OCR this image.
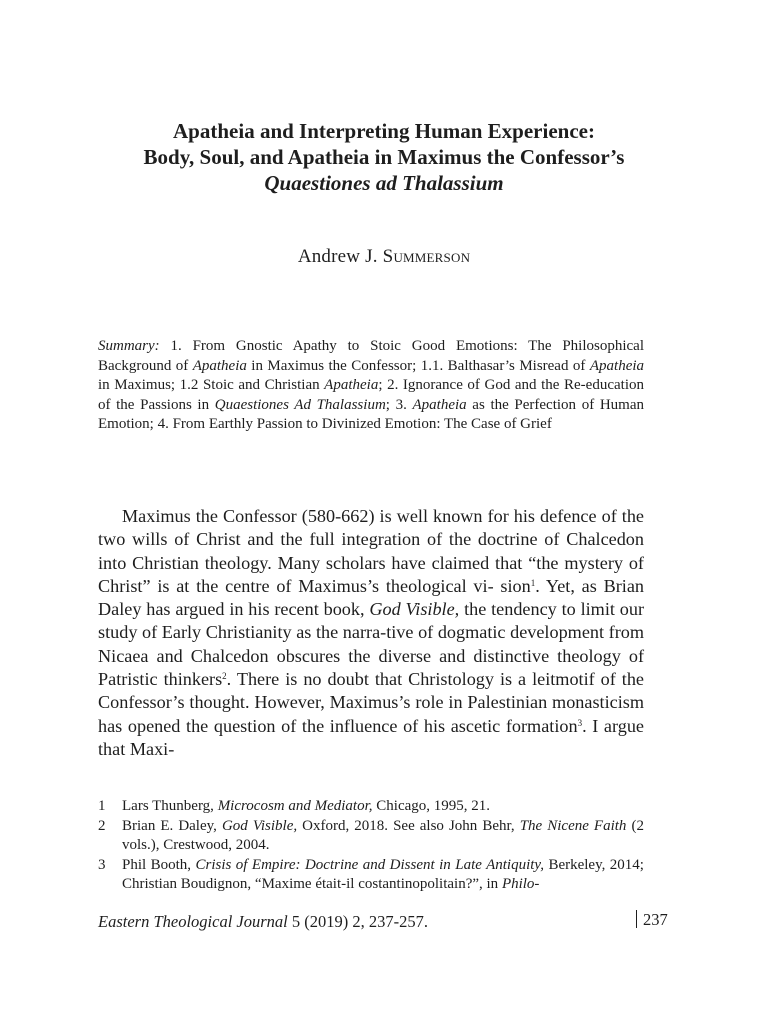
Apatheia and Interpreting Human Experience:
Body, Soul, and Apatheia in Maximus the Confessor’s
Quaestiones ad Thalassium
Andrew J. Summerson
Summary: 1. From Gnostic Apathy to Stoic Good Emotions: The Philosophical Background of Apatheia in Maximus the Confessor; 1.1. Balthasar’s Misread of Apatheia in Maximus; 1.2 Stoic and Christian Apatheia; 2. Ignorance of God and the Re-education of the Passions in Quaestiones Ad Thalassium; 3. Apatheia as the Perfection of Human Emotion; 4. From Earthly Passion to Divinized Emotion: The Case of Grief
Maximus the Confessor (580-662) is well known for his defence of the two wills of Christ and the full integration of the doctrine of Chalcedon into Christian theology. Many scholars have claimed that “the mystery of Christ” is at the centre of Maximus’s theological vi- sion$^1$. Yet, as Brian Daley has argued in his recent book, God Visible, the tendency to limit our study of Early Christianity as the narra-tive of dogmatic development from Nicaea and Chalcedon obscures the diverse and distinctive theology of Patristic thinkers$^2$. There is no doubt that Christology is a leitmotif of the Confessor’s thought. However, Maximus’s role in Palestinian monasticism has opened the question of the influence of his ascetic formation$^3$. I argue that Maxi-
1 Lars Thunberg, Microcosm and Mediator, Chicago, 1995, 21.
2 Brian E. Daley, God Visible, Oxford, 2018. See also John Behr, The Nicene Faith (2 vols.), Crestwood, 2004.
3 Phil Booth, Crisis of Empire: Doctrine and Dissent in Late Antiquity, Berkeley, 2014; Christian Boudignon, “Maxime était-il costantinopolitain?”, in Philo-
Eastern Theological Journal 5 (2019) 2, 237-257.	237
